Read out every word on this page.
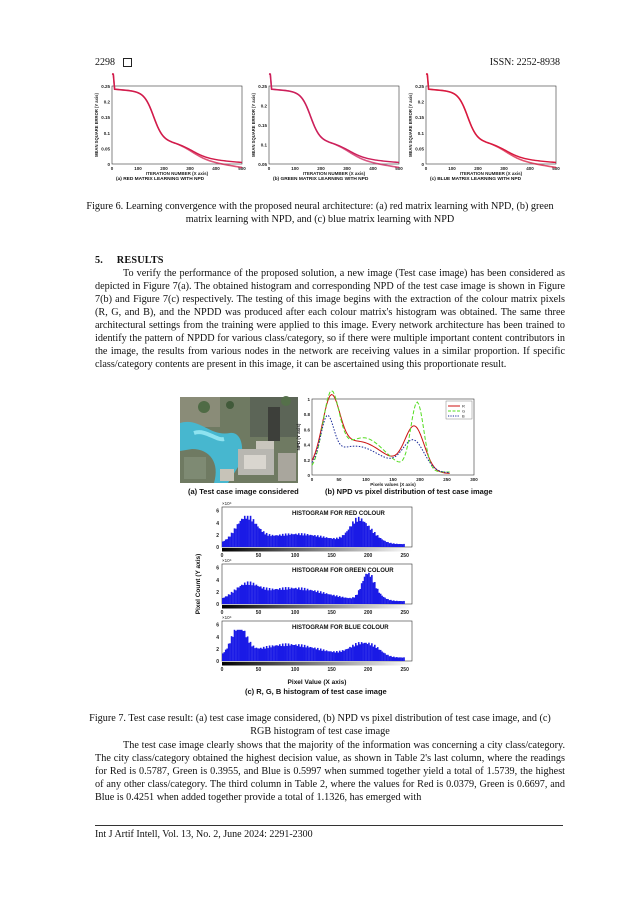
2298	ISSN: 2252-8938
0
0.05
0.1
0.15
0.2
0.25
0	100	200	300	400	500
ITERATION NUMBER (X axis)
(a) RED MATRIX LEARNING WITH NPD
MEAN SQUARE ERROR (Y axis)
0.05
0.1
0.15
0.2
0.25
0	100	200	300	400	500
ITERATION NUMBER (X axis)
(b) GREEN MATRIX LEARNING WITH NPD
MEAN SQUARE ERROR (Y axis)
0
0.05
0.1
0.15
0.2
0.25
0	100	200	300	400	500
ITERATION NUMBER (X axis)
(c) BLUE MATRIX LEARNING WITH NPD
MEAN SQUARE ERROR (Y axis)
Figure 6. Learning convergence with the proposed neural architecture: (a) red matrix learning with NPD, (b) green matrix learning with NPD, and (c) blue matrix learning with NPD
5. RESULTS
To verify the performance of the proposed solution, a new image (Test case image) has been considered as depicted in Figure 7(a). The obtained histogram and corresponding NPD of the test case image is shown in Figure 7(b) and Figure 7(c) respectively. The testing of this image begins with the extraction of the colour matrix pixels (R, G, and B), and the NPDD was produced after each colour matrix's histogram was obtained. The same three architectural settings from the training were applied to this image. Every network architecture has been trained to identify the pattern of NPDD for various class/category, so if there were multiple important content contributors in the image, the results from various nodes in the network are receiving values in a similar proportion. If specific class/category contents are present in this image, it can be ascertained using this proportionate result.
(a) Test case image considered
0
0.2
0.4
0.6
0.8
1
0	50	100	150	200	250	300
Pixels values (X axis)
NPD (Y axis)
R
G
B
(b) NPD vs pixel distribution of test case image
HISTOGRAM FOR RED COLOUR
×10⁴
0
2
4
6
0	50	100	150	200	250
HISTOGRAM FOR GREEN COLOUR
×10⁴
0
2
4
6
0	50	100	150	200	250
HISTOGRAM FOR BLUE COLOUR
×10⁴
0
2
4
6
0	50	100	150	200	250
Pixel Count (Y axis)
Pixel Value (X axis)
(c) R, G, B histogram of test case image
Figure 7. Test case result: (a) test case image considered, (b) NPD vs pixel distribution of test case image, and (c) RGB histogram of test case image
The test case image clearly shows that the majority of the information was concerning a city class/category. The city class/category obtained the highest decision value, as shown in Table 2's last column, where the readings for Red is 0.5787, Green is 0.3955, and Blue is 0.5997 when summed together yield a total of 1.5739, the highest of any other class/category. The third column in Table 2, where the values for Red is 0.0379, Green is 0.6697, and Blue is 0.4251 when added together provide a total of 1.1326, has emerged with
Int J Artif Intell, Vol. 13, No. 2, June 2024: 2291-2300
